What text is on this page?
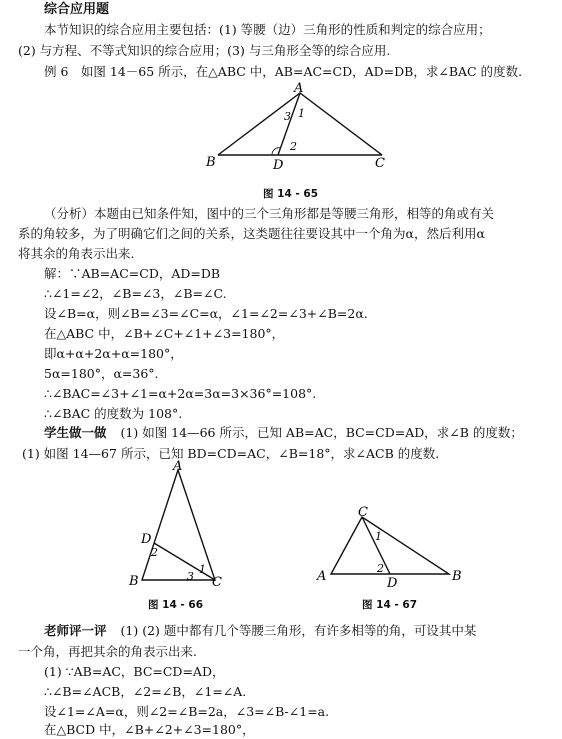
综合应用题
本节知识的综合应用主要包括：(1) 等腰（边）三角形的性质和判定的综合应用；
(2) 与方程、不等式知识的综合应用；(3) 与三角形全等的综合应用.
例 6　如图 14－65 所示，在△ABC 中，AB=AC=CD，AD=DB，求∠BAC 的度数.
A
B	D	C
3 1
2
图 14 - 65
（分析）本题由已知条件知，图中的三个三角形都是等腰三角形，相等的角或有关
系的角较多，为了明确它们之间的关系，这类题往往要设其中一个角为α，然后利用α
将其余的角表示出来.
解：∵AB=AC=CD，AD=DB
∴∠1=∠2，∠B=∠3，∠B=∠C.
设∠B=α，则∠B=∠3=∠C=α，∠1=∠2=∠3+∠B=2α.
在△ABC 中，∠B+∠C+∠1+∠3=180°，
即α+α+2α+α=180°，
5α=180°，α=36°.
∴∠BAC=∠3+∠1=α+2α=3α=3×36°=108°.
∴∠BAC 的度数为 108°.
学生做一做 (1) 如图 14—66 所示，已知 AB=AC，BC=CD=AD，求∠B 的度数；
(1) 如图 14—67 所示，已知 BD=CD=AC，∠B=18°，求∠ACB 的度数.
A
D
B	C
2
1
3
图 14 - 66
C
A	D	B
1
2
图 14 - 67
老师评一评 (1) (2) 题中都有几个等腰三角形，有许多相等的角，可设其中某
一个角，再把其余的角表示出来.
(1) ∵AB=AC，BC=CD=AD，
∴∠B=∠ACB，∠2=∠B，∠1=∠A.
设∠1=∠A=α，则∠2=∠B=2a，∠3=∠B-∠1=a.
在△BCD 中，∠B+∠2+∠3=180°，
